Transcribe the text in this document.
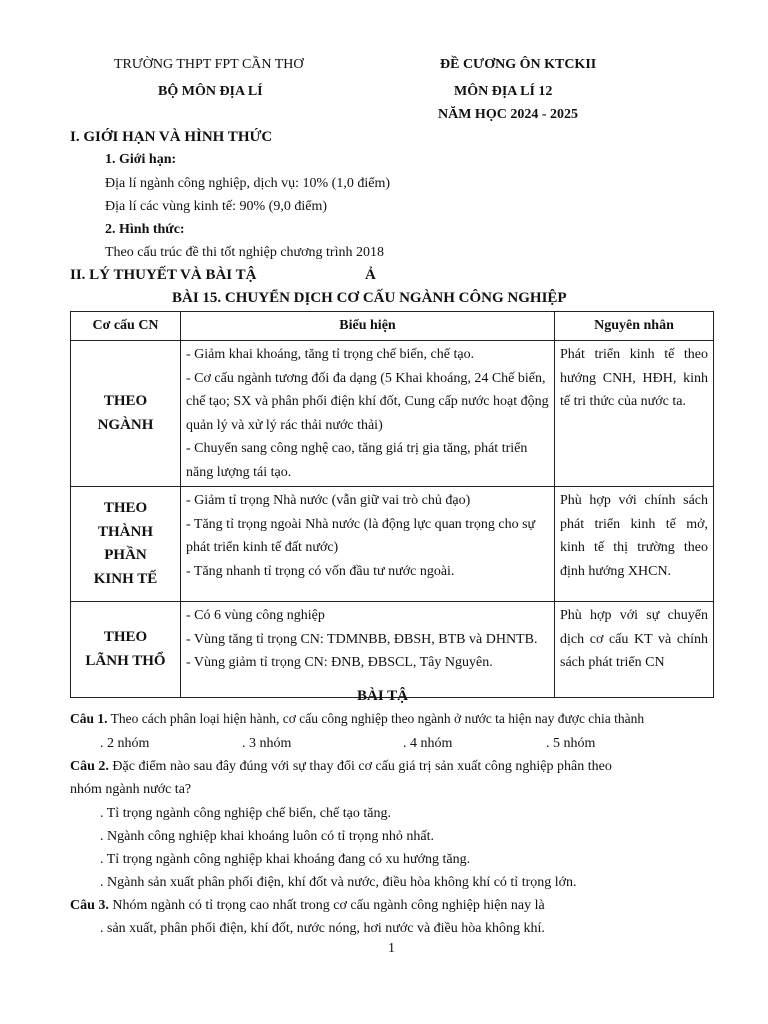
TRƯỜNG THPT FPT CẦN THƠ
BỘ MÔN ĐỊA LÍ
ĐỀ CƯƠNG ÔN KTCKII
MÔN ĐỊA LÍ 12
NĂM HỌC 2024 - 2025
I. GIỚI HẠN VÀ HÌNH THỨC
1. Giới hạn:
Địa lí ngành công nghiệp, dịch vụ: 10% (1,0 điểm)
Địa lí các vùng kinh tế: 90% (9,0 điểm)
2. Hình thức:
Theo cấu trúc đề thi tốt nghiệp chương trình 2018
II. LÝ THUYẾT VÀ BÀI TẬ	Ả
BÀI 15. CHUYỂN DỊCH CƠ CẤU NGÀNH CÔNG NGHIỆP
Cơ cấu CN	Biểu hiện	Nguyên nhân

THEO
NGÀNH	- Giảm khai khoáng, tăng tỉ trọng chế biến, chế tạo.
- Cơ cấu ngành tương đối đa dạng (5 Khai khoáng, 24 Chế biến, chế tạo; SX và phân phối điện khí đốt, Cung cấp nước hoạt động quản lý và xử lý rác thải nước thải)
- Chuyển sang công nghệ cao, tăng giá trị gia tăng, phát triển năng lượng tái tạo.	Phát triển kinh tế theo hướng CNH, HĐH, kinh tế tri thức của nước ta.

THEO
THÀNH
PHẦN
KINH TẾ	- Giảm tỉ trọng Nhà nước (vẫn giữ vai trò chủ đạo)
- Tăng tỉ trọng ngoài Nhà nước (là động lực quan trọng cho sự phát triển kinh tế đất nước)
- Tăng nhanh tỉ trọng có vốn đầu tư nước ngoài.	Phù hợp với chính sách phát triển kinh tế mở, kinh tế thị trường theo định hướng XHCN.

THEO
LÃNH THỔ	- Có 6 vùng công nghiệp
- Vùng tăng tỉ trọng CN: TDMNBB, ĐBSH, BTB và DHNTB.
- Vùng giảm tỉ trọng CN: ĐNB, ĐBSCL, Tây Nguyên.	Phù hợp với sự chuyển dịch cơ cấu KT và chính sách phát triển CN
BÀI TẬ
Câu 1. Theo cách phân loại hiện hành, cơ cấu công nghiệp theo ngành ở nước ta hiện nay được chia thành
. 2 nhóm	. 3 nhóm	. 4 nhóm	. 5 nhóm
Câu 2. Đặc điểm nào sau đây đúng với sự thay đổi cơ cấu giá trị sản xuất công nghiệp phân theo
nhóm ngành nước ta?
. Tỉ trọng ngành công nghiệp chế biến, chế tạo tăng.
. Ngành công nghiệp khai khoáng luôn có tỉ trọng nhỏ nhất.
. Tỉ trọng ngành công nghiệp khai khoáng đang có xu hướng tăng.
. Ngành sản xuất phân phối điện, khí đốt và nước, điều hòa không khí có tỉ trọng lớn.
Câu 3. Nhóm ngành có tỉ trọng cao nhất trong cơ cấu ngành công nghiệp hiện nay là
. sản xuất, phân phối điện, khí đốt, nước nóng, hơi nước và điều hòa không khí.
1
